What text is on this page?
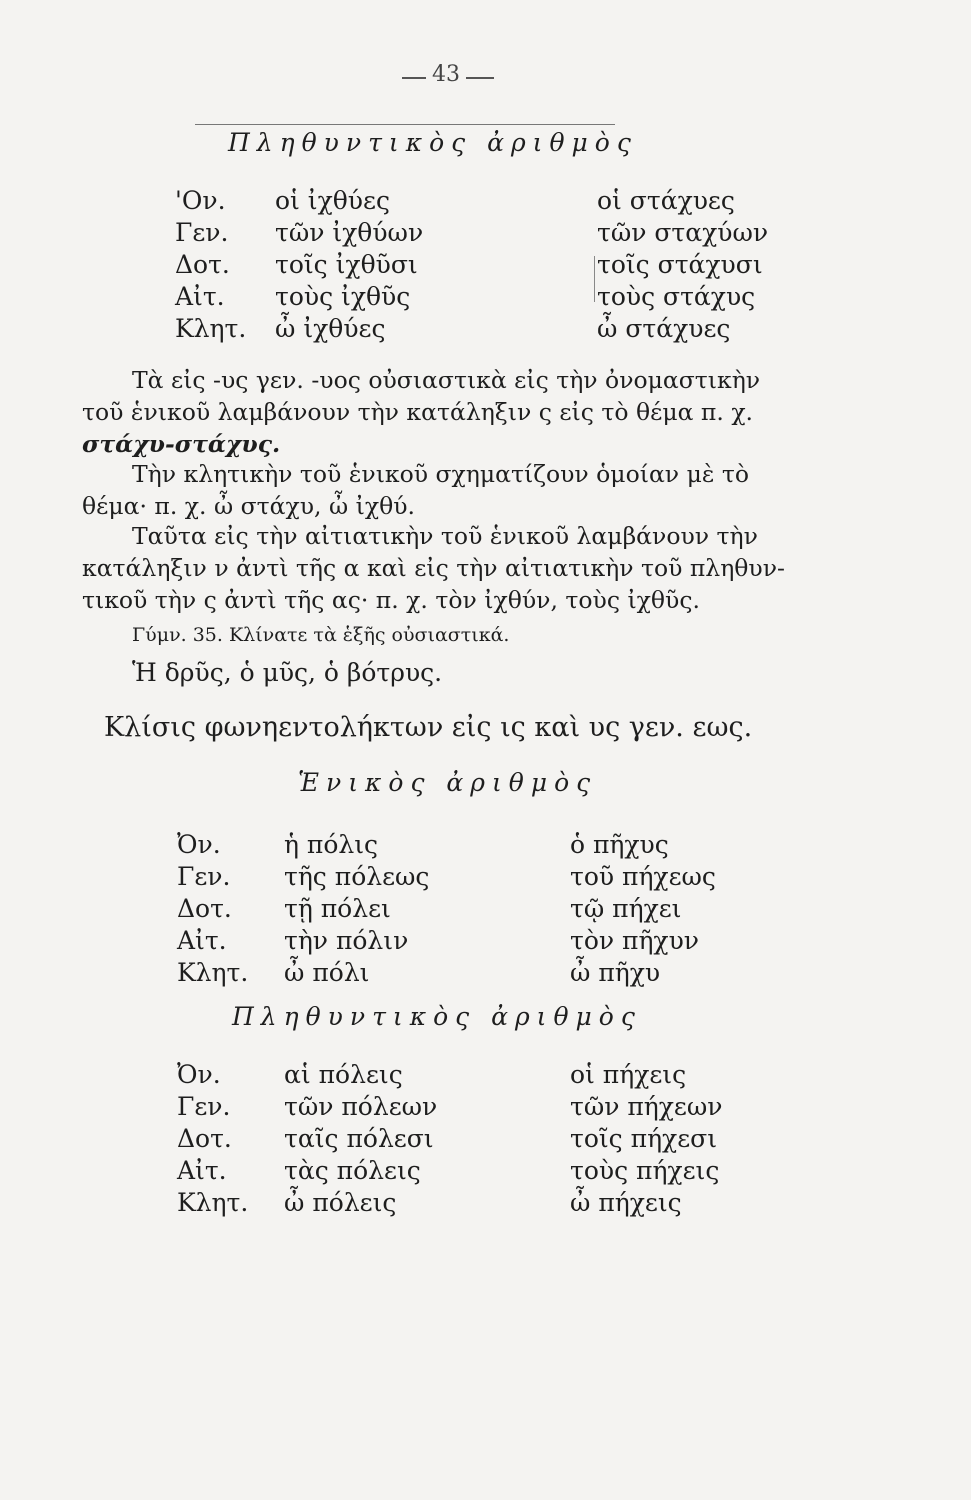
43
Πληθυντικὸς ἀριθμὸς
'Ον. οἱ ἰχθύες	οἱ στάχυες
Γεν. τῶν ἰχθύων	τῶν σταχύων
Δοτ. τοῖς ἰχθῦσι	τοῖς στάχυσι
Αἰτ. τοὺς ἰχθῦς	τοὺς στάχυς
Κλητ. ὦ ἰχθύες	ὦ στάχυες
Τὰ εἰς -υς γεν. -υος οὐσιαστικὰ εἰς τὴν ὀνομαστικὴν
τοῦ ἑνικοῦ λαμβάνουν τὴν κατάληξιν ς εἰς τὸ θέμα π. χ.
στάχυ-στάχυς.
Τὴν κλητικὴν τοῦ ἑνικοῦ σχηματίζουν ὁμοίαν μὲ τὸ
θέμα· π. χ. ὦ στάχυ, ὦ ἰχθύ.
Ταῦτα εἰς τὴν αἰτιατικὴν τοῦ ἑνικοῦ λαμβάνουν τὴν
κατάληξιν ν ἀντὶ τῆς α καὶ εἰς τὴν αἰτιατικὴν τοῦ πληθυν-
τικοῦ τὴν ς ἀντὶ τῆς ας· π. χ. τὸν ἰχθύν, τοὺς ἰχθῦς.
Γύμν. 35. Κλίνατε τὰ ἑξῆς οὐσιαστικά.
Ἡ δρῦς, ὁ μῦς, ὁ βότρυς.
Κλίσις φωνηεντολήκτων εἰς ις καὶ υς γεν. εως.
Ἑνικὸς ἀριθμὸς
Ὀν.	ἡ πόλις	ὁ πῆχυς
Γεν. τῆς πόλεως	τοῦ πήχεως
Δοτ. τῇ πόλει	τῷ πήχει
Αἰτ. τὴν πόλιν	τὸν πῆχυν
Κλητ. ὦ πόλι	ὦ πῆχυ
Πληθυντικὸς ἀριθμὸς
Ὀν.	αἱ πόλεις	οἱ πήχεις
Γεν. τῶν πόλεων	τῶν πήχεων
Δοτ. ταῖς πόλεσι	τοῖς πήχεσι
Αἰτ. τὰς πόλεις	τοὺς πήχεις
Κλητ. ὦ πόλεις	ὦ πήχεις
